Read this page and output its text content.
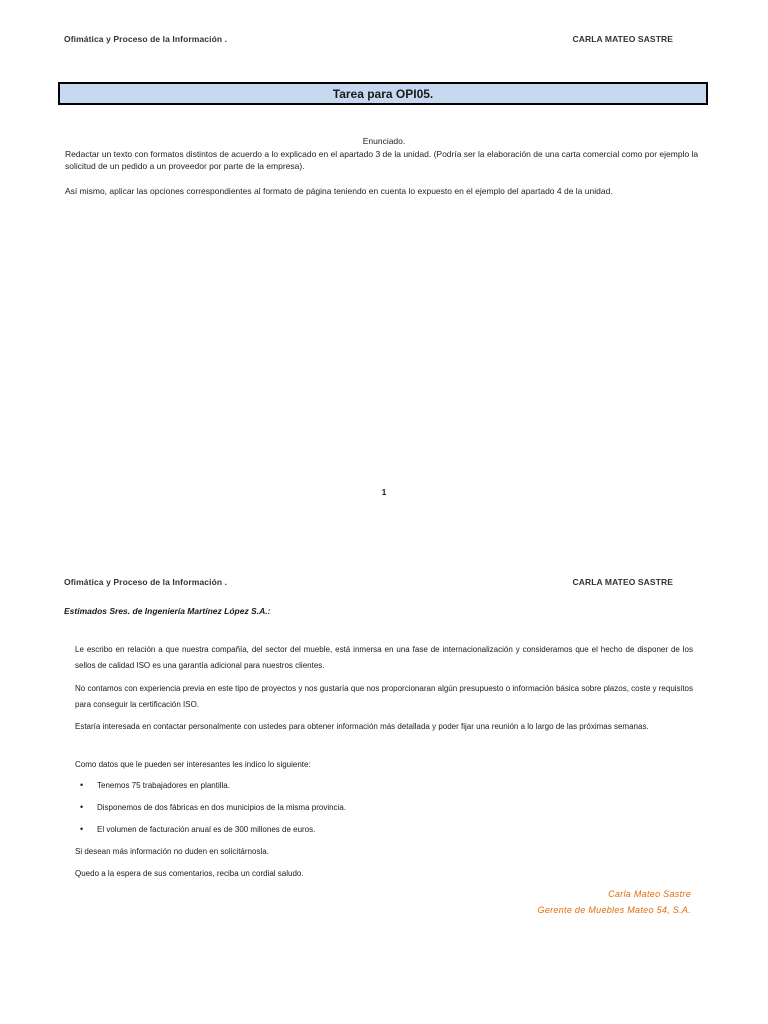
Ofimática y Proceso de la Información .	CARLA MATEO SASTRE
Tarea para OPI05.
Enunciado.

Redactar un texto con formatos distintos de acuerdo a lo explicado en el apartado 3 de la unidad. (Podría ser la elaboración de una carta comercial como por ejemplo la solicitud de un pedido a un proveedor por parte de la empresa).

Así mismo, aplicar las opciones correspondientes al formato de página teniendo en cuenta lo expuesto en el ejemplo del apartado 4 de la unidad.

1
Ofimática y Proceso de la Información .	CARLA MATEO SASTRE
Estimados Sres. de Ingeniería Martínez López S.A.:

Le escribo en relación a que nuestra compañía, del sector del mueble, está inmersa en una fase de internacionalización y consideramos que el hecho de disponer de los sellos de calidad ISO es una garantía adicional para nuestros clientes.

No contamos con experiencia previa en este tipo de proyectos y nos gustaría que nos proporcionaran algún presupuesto o información básica sobre plazos, coste y requisitos para conseguir la certificación ISO.

Estaría interesada en contactar personalmente con ustedes para obtener información más detallada y poder fijar una reunión a lo largo de las próximas semanas.

Como datos que le pueden ser interesantes les indico lo siguiente:

•	Tenemos 75 trabajadores en plantilla.
•	Disponemos de dos fábricas en dos municipios de la misma provincia.
•	El volumen de facturación anual es de 300 millones de euros.

Si desean más información no duden en solicitárnosla.

Quedo a la espera de sus comentarios, reciba un cordial saludo.

Carla Mateo Sastre
Gerente de Muebles Mateo 54, S.A.
